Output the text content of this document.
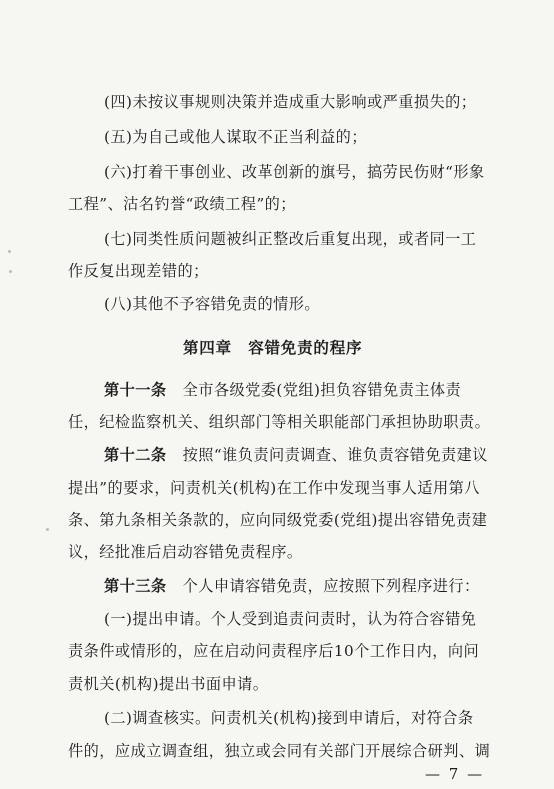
(四)未按议事规则决策并造成重大影响或严重损失的；
(五)为自己或他人谋取不正当利益的；
(六)打着干事创业、改革创新的旗号，搞劳民伤财“形象
工程”、沽名钓誉“政绩工程”的；
(七)同类性质问题被纠正整改后重复出现，或者同一工
作反复出现差错的；
(八)其他不予容错免责的情形。
第四章　容错免责的程序
第十一条 全市各级党委(党组)担负容错免责主体责
任，纪检监察机关、组织部门等相关职能部门承担协助职责。
第十二条 按照“谁负责问责调查、谁负责容错免责建议
提出”的要求，问责机关(机构)在工作中发现当事人适用第八
条、第九条相关条款的，应向同级党委(党组)提出容错免责建
议，经批准后启动容错免责程序。
第十三条 个人申请容错免责，应按照下列程序进行：
(一)提出申请。个人受到追责问责时，认为符合容错免
责条件或情形的，应在启动问责程序后10个工作日内，向问
责机关(机构)提出书面申请。
(二)调查核实。问责机关(机构)接到申请后，对符合条
件的，应成立调查组，独立或会同有关部门开展综合研判、调
— 7 —
